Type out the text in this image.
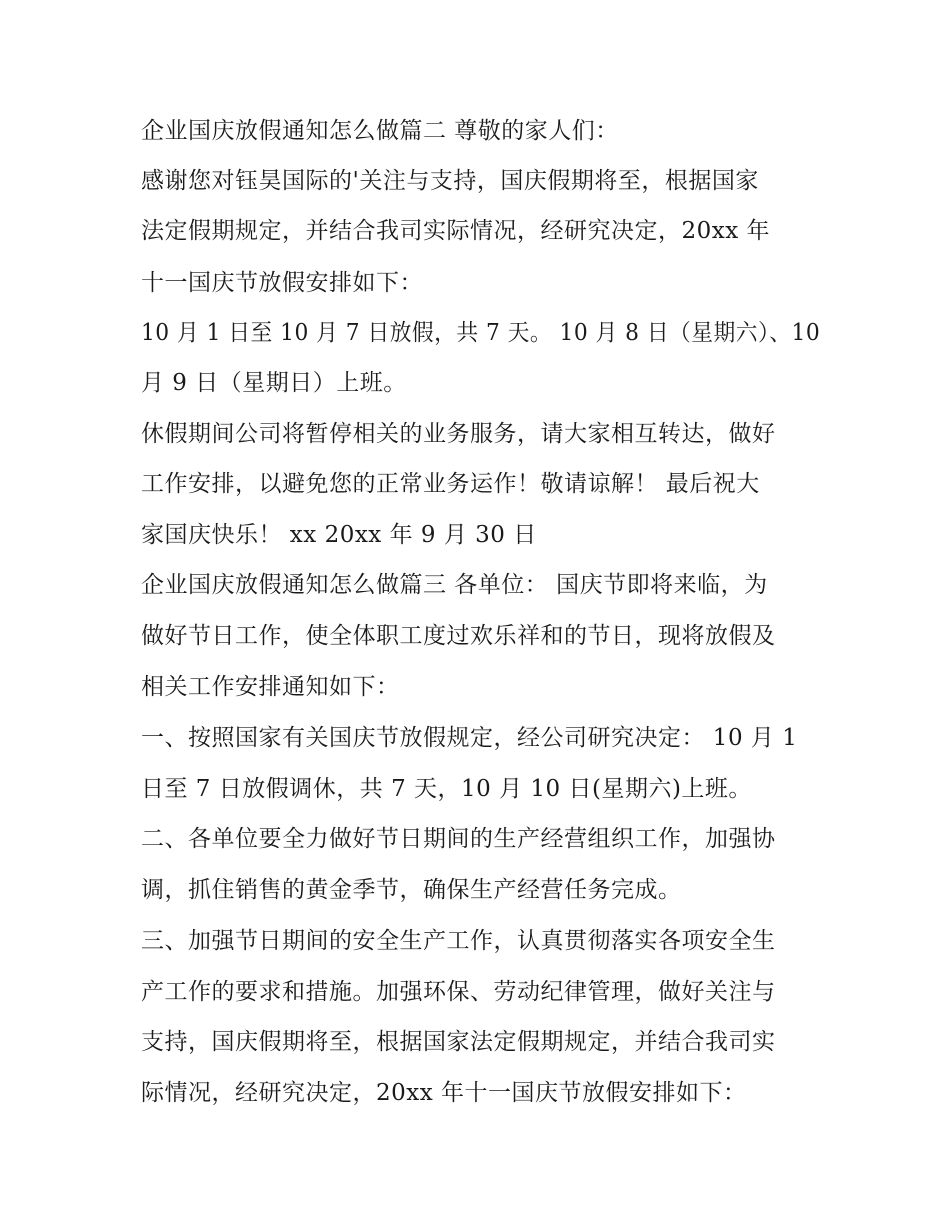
企业国庆放假通知怎么做篇二 尊敬的家人们：
感谢您对钰昊国际的'关注与支持，国庆假期将至，根据国家
法定假期规定，并结合我司实际情况，经研究决定，20xx 年
十一国庆节放假安排如下：
10 月 1 日至 10 月 7 日放假，共 7 天。 10 月 8 日（星期六）、10
月 9 日（星期日）上班。
休假期间公司将暂停相关的业务服务，请大家相互转达，做好
工作安排，以避免您的正常业务运作！敬请谅解！ 最后祝大
家国庆快乐！ xx 20xx 年 9 月 30 日
企业国庆放假通知怎么做篇三 各单位： 国庆节即将来临，为
做好节日工作，使全体职工度过欢乐祥和的节日，现将放假及
相关工作安排通知如下：
一、按照国家有关国庆节放假规定，经公司研究决定： 10 月 1
日至 7 日放假调休，共 7 天，10 月 10 日(星期六)上班。
二、各单位要全力做好节日期间的生产经营组织工作，加强协
调，抓住销售的黄金季节，确保生产经营任务完成。
三、加强节日期间的安全生产工作，认真贯彻落实各项安全生
产工作的要求和措施。加强环保、劳动纪律管理，做好关注与
支持，国庆假期将至，根据国家法定假期规定，并结合我司实
际情况，经研究决定，20xx 年十一国庆节放假安排如下：
